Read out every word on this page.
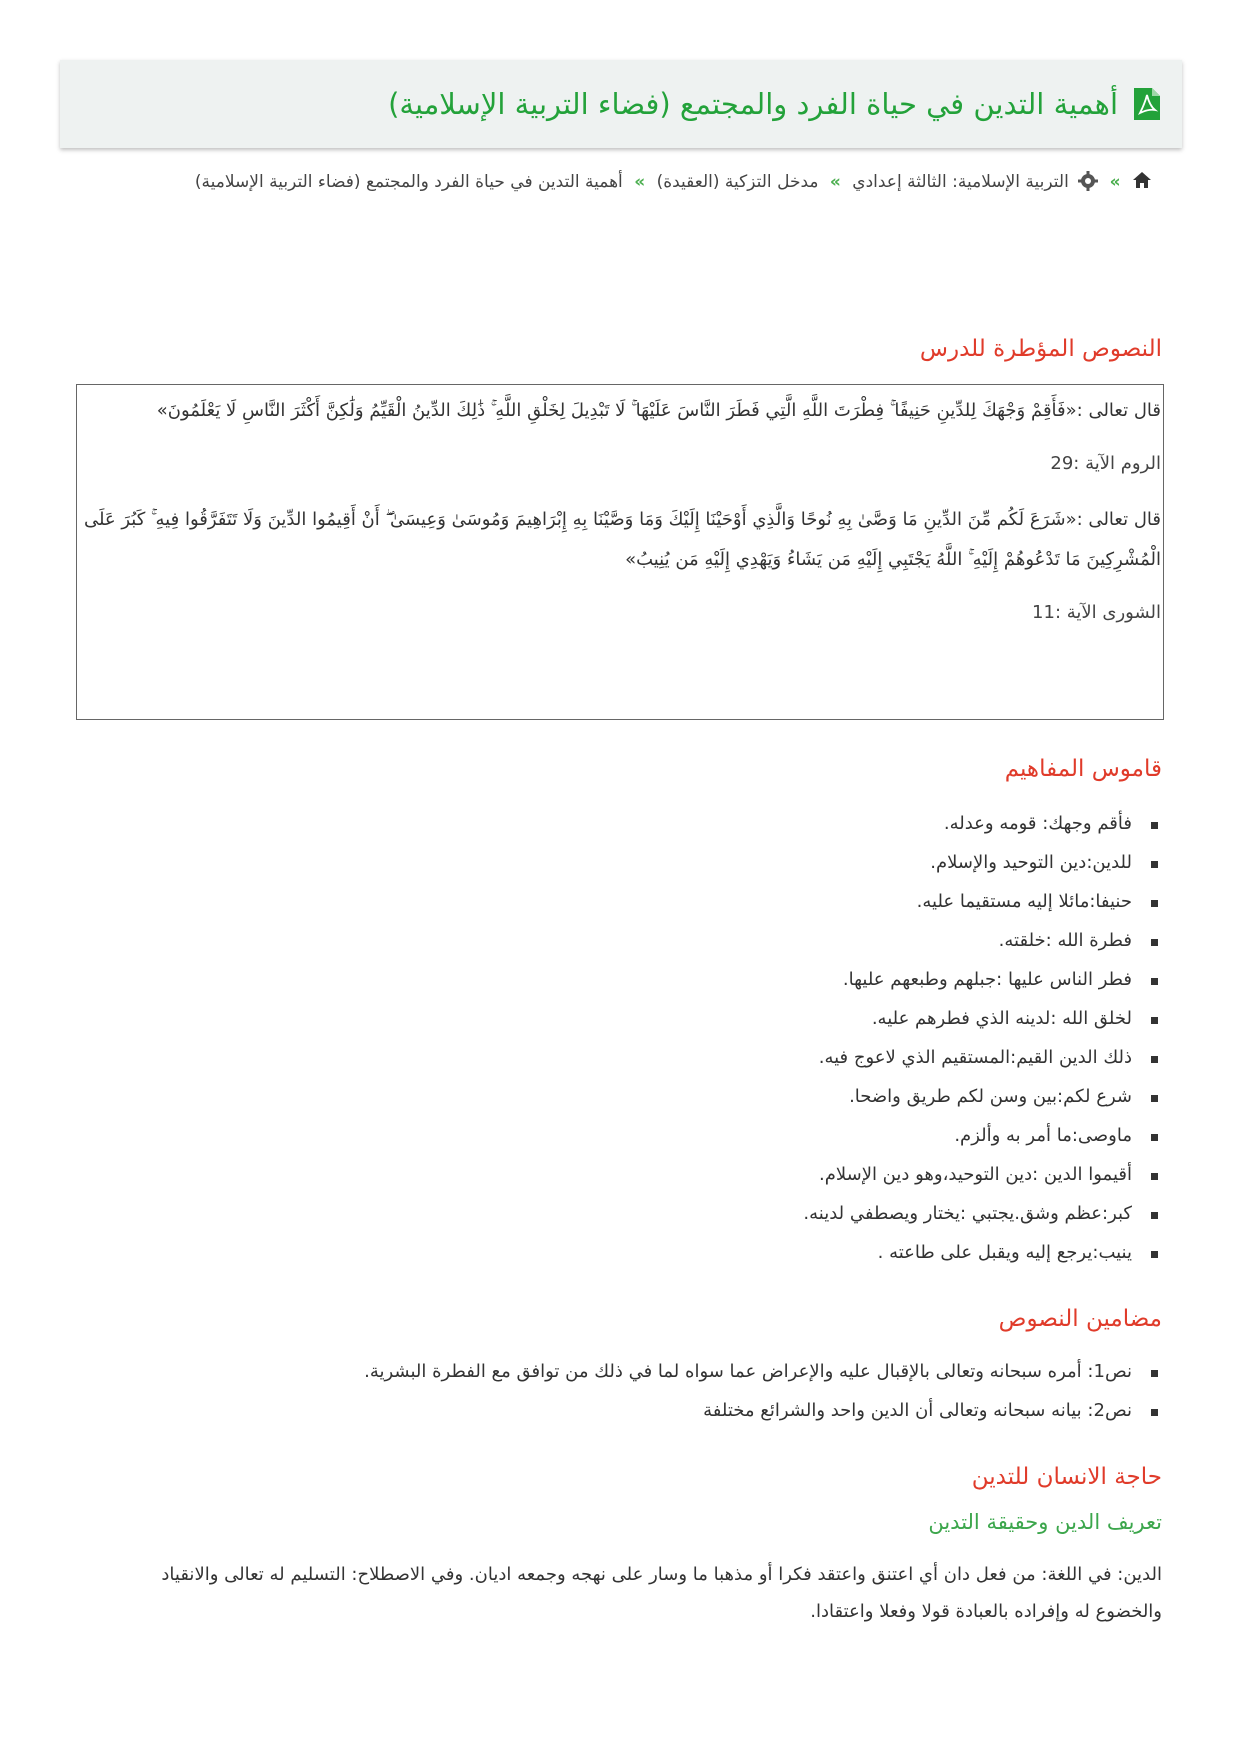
أهمية التدين في حياة الفرد والمجتمع (فضاء التربية الإسلامية)
»  التربية الإسلامية: الثالثة إعدادي » مدخل التزكية (العقيدة) » أهمية التدين في حياة الفرد والمجتمع (فضاء التربية الإسلامية)
النصوص المؤطرة للدرس

قال تعالى :«فَأَقِمْ وَجْهَكَ لِلدِّينِ حَنِيفًا ۚ فِطْرَتَ اللَّهِ الَّتِي فَطَرَ النَّاسَ عَلَيْهَا ۚ لَا تَبْدِيلَ لِخَلْقِ اللَّهِ ۚ ذَٰلِكَ الدِّينُ الْقَيِّمُ وَلَٰكِنَّ أَكْثَرَ النَّاسِ لَا يَعْلَمُونَ»

الروم الآية :29

قال تعالى :«شَرَعَ لَكُم مِّنَ الدِّينِ مَا وَصَّىٰ بِهِ نُوحًا وَالَّذِي أَوْحَيْنَا إِلَيْكَ وَمَا وَصَّيْنَا بِهِ إِبْرَاهِيمَ وَمُوسَىٰ وَعِيسَىٰ ۖ أَنْ أَقِيمُوا الدِّينَ وَلَا تَتَفَرَّقُوا فِيهِ ۚ كَبُرَ عَلَى الْمُشْرِكِينَ مَا تَدْعُوهُمْ إِلَيْهِ ۚ اللَّهُ يَجْتَبِي إِلَيْهِ مَن يَشَاءُ وَيَهْدِي إِلَيْهِ مَن يُنِيبُ»

الشورى الآية :11

قاموس المفاهيم
فأقم وجهك: قومه وعدله.
للدين:دين التوحيد والإسلام.
حنيفا:مائلا إليه مستقيما عليه.
فطرة الله :خلقته.
فطر الناس عليها :جبلهم وطبعهم عليها.
لخلق الله :لدينه الذي فطرهم عليه.
ذلك الدين القيم:المستقيم الذي لاعوج فيه.
شرع لكم:بين وسن لكم طريق واضحا.
ماوصى:ما أمر به وألزم.
أقيموا الدين :دين التوحيد،وهو دين الإسلام.
كبر:عظم وشق.يجتبي :يختار ويصطفي لدينه.
ينيب:يرجع إليه ويقبل على طاعته .
مضامين النصوص
نص1: أمره سبحانه وتعالى بالإقبال عليه والإعراض عما سواه لما في ذلك من توافق مع الفطرة البشرية.
نص2: بيانه سبحانه وتعالى أن الدين واحد والشرائع مختلفة
حاجة الانسان للتدين
تعريف الدين وحقيقة التدين

الدين: في اللغة: من فعل دان أي اعتنق واعتقد فكرا أو مذهبا ما وسار على نهجه وجمعه اديان. وفي الاصطلاح: التسليم له تعالى والانقياد والخضوع له وإفراده بالعبادة قولا وفعلا واعتقادا.
